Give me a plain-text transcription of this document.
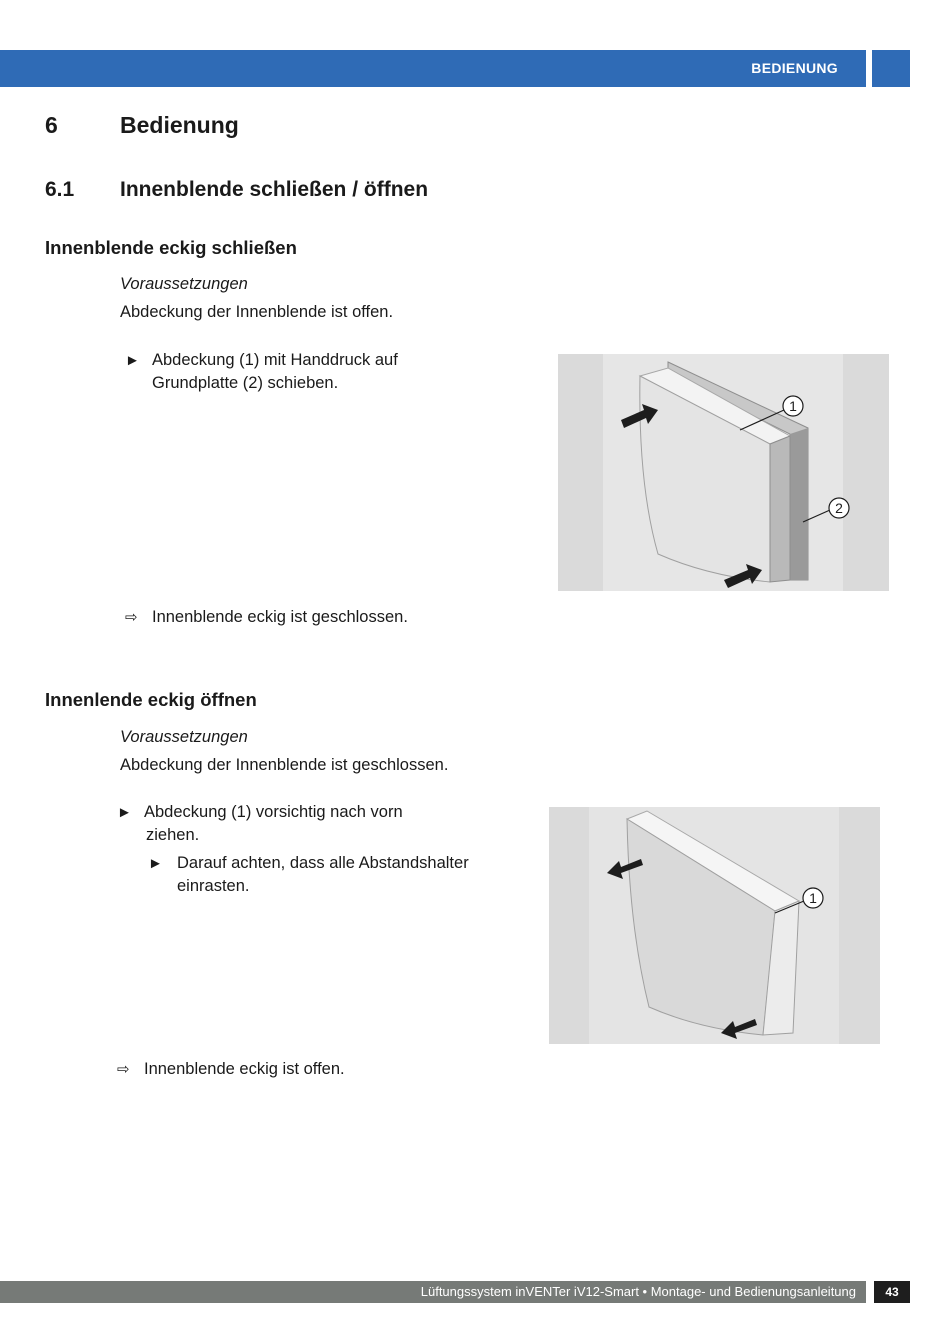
BEDIENUNG
6	Bedienung
6.1 Innenblende schließen / öffnen
Innenblende eckig schließen
Voraussetzungen
Abdeckung der Innenblende ist offen.
► Abdeckung (1) mit Handdruck auf
Grundplatte (2) schieben.
1
2
⇨ Innenblende eckig ist geschlossen.
Innenlende eckig öffnen
Voraussetzungen
Abdeckung der Innenblende ist geschlossen.
► Abdeckung (1) vorsichtig nach vorn
ziehen.
► Darauf achten, dass alle Abstandshalter
einrasten.
1
⇨ Innenblende eckig ist offen.
Lüftungssystem inVENTer iV12-Smart • Montage- und Bedienungsanleitung	43
